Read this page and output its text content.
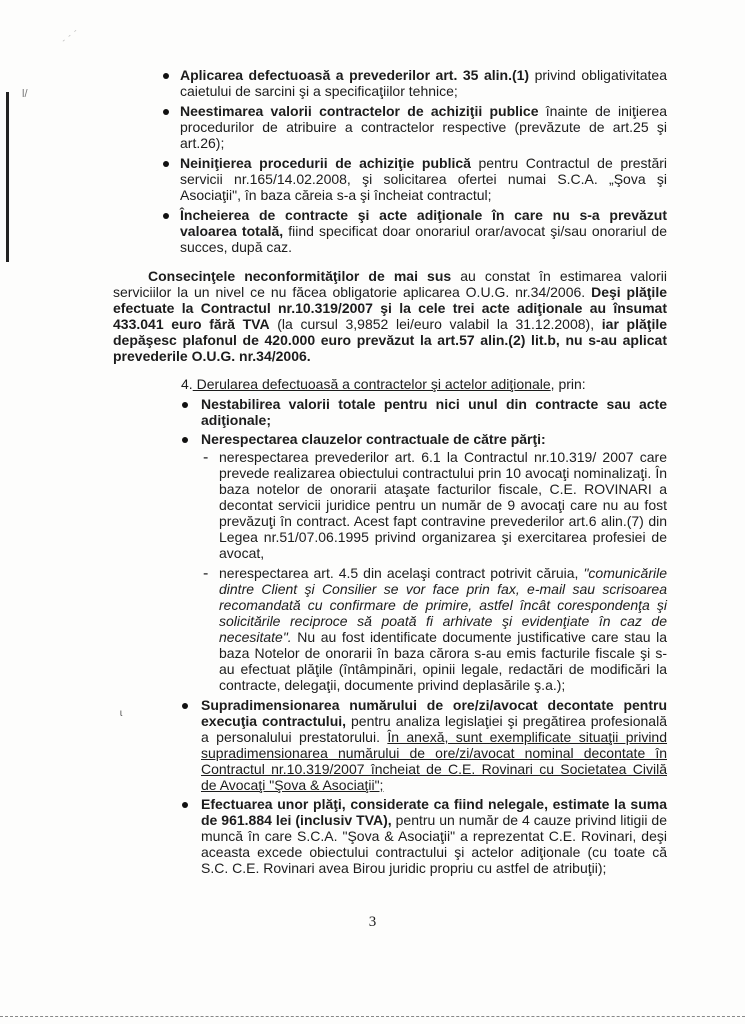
l/
- - -
ɩ

Aplicarea defectuoasă a prevederilor art. 35 alin.(1) privind obligativitatea caietului de sarcini şi a specificaţiilor tehnice;

Neestimarea valorii contractelor de achiziţii publice înainte de iniţierea procedurilor de atribuire a contractelor respective (prevăzute de art.25 şi art.26);

Neiniţierea procedurii de achiziţie publică pentru Contractul de prestări servicii nr.165/14.02.2008, şi solicitarea ofertei numai S.C.A. „Şova şi Asociaţii", în baza căreia s-a şi încheiat contractul;

Încheierea de contracte şi acte adiţionale în care nu s-a prevăzut valoarea totală, fiind specificat doar onorariul orar/avocat şi/sau onorariul de succes, după caz.

Consecinţele neconformităţilor de mai sus au constat în estimarea valorii serviciilor la un nivel ce nu făcea obligatorie aplicarea O.U.G. nr.34/2006. Deşi plăţile efectuate la Contractul nr.10.319/2007 şi la cele trei acte adiţionale au însumat 433.041 euro fără TVA (la cursul 3,9852 lei/euro valabil la 31.12.2008), iar plăţile depăşesc plafonul de 420.000 euro prevăzut la art.57 alin.(2) lit.b, nu s-au aplicat prevederile O.U.G. nr.34/2006.

4. Derularea defectuoasă a contractelor şi actelor adiţionale, prin:

Nestabilirea valorii totale pentru nici unul din contracte sau acte adiţionale;

Nerespectarea clauzelor contractuale de către părţi:

- nerespectarea prevederilor art. 6.1 la Contractul nr.10.319/ 2007 care prevede realizarea obiectului contractului prin 10 avocaţi nominalizaţi. În baza notelor de onorarii ataşate facturilor fiscale, C.E. ROVINARI a decontat servicii juridice pentru un număr de 9 avocaţi care nu au fost prevăzuţi în contract. Acest fapt contravine prevederilor art.6 alin.(7) din Legea nr.51/07.06.1995 privind organizarea şi exercitarea profesiei de avocat,

- nerespectarea art. 4.5 din acelaşi contract potrivit căruia, "comunicările dintre Client şi Consilier se vor face prin fax, e-mail sau scrisoarea recomandată cu confirmare de primire, astfel încât corespondenţa şi solicitările reciproce să poată fi arhivate şi evidenţiate în caz de necesitate". Nu au fost identificate documente justificative care stau la baza Notelor de onorarii în baza cărora s-au emis facturile fiscale şi s-au efectuat plăţile (întâmpinări, opinii legale, redactări de modificări la contracte, delegaţii, documente privind deplasările ş.a.);

Supradimensionarea numărului de ore/zi/avocat decontate pentru execuţia contractului, pentru analiza legislaţiei şi pregătirea profesională a personalului prestatorului. În anexă, sunt exemplificate situaţii privind supradimensionarea numărului de ore/zi/avocat nominal decontate în Contractul nr.10.319/2007 încheiat de C.E. Rovinari cu Societatea Civilă de Avocaţi "Şova & Asociaţii";

Efectuarea unor plăţi, considerate ca fiind nelegale, estimate la suma de 961.884 lei (inclusiv TVA), pentru un număr de 4 cauze privind litigii de muncă în care S.C.A. "Şova & Asociaţii" a reprezentat C.E. Rovinari, deşi aceasta excede obiectului contractului şi actelor adiţionale (cu toate că S.C. C.E. Rovinari avea Birou juridic propriu cu astfel de atribuţii);

3
